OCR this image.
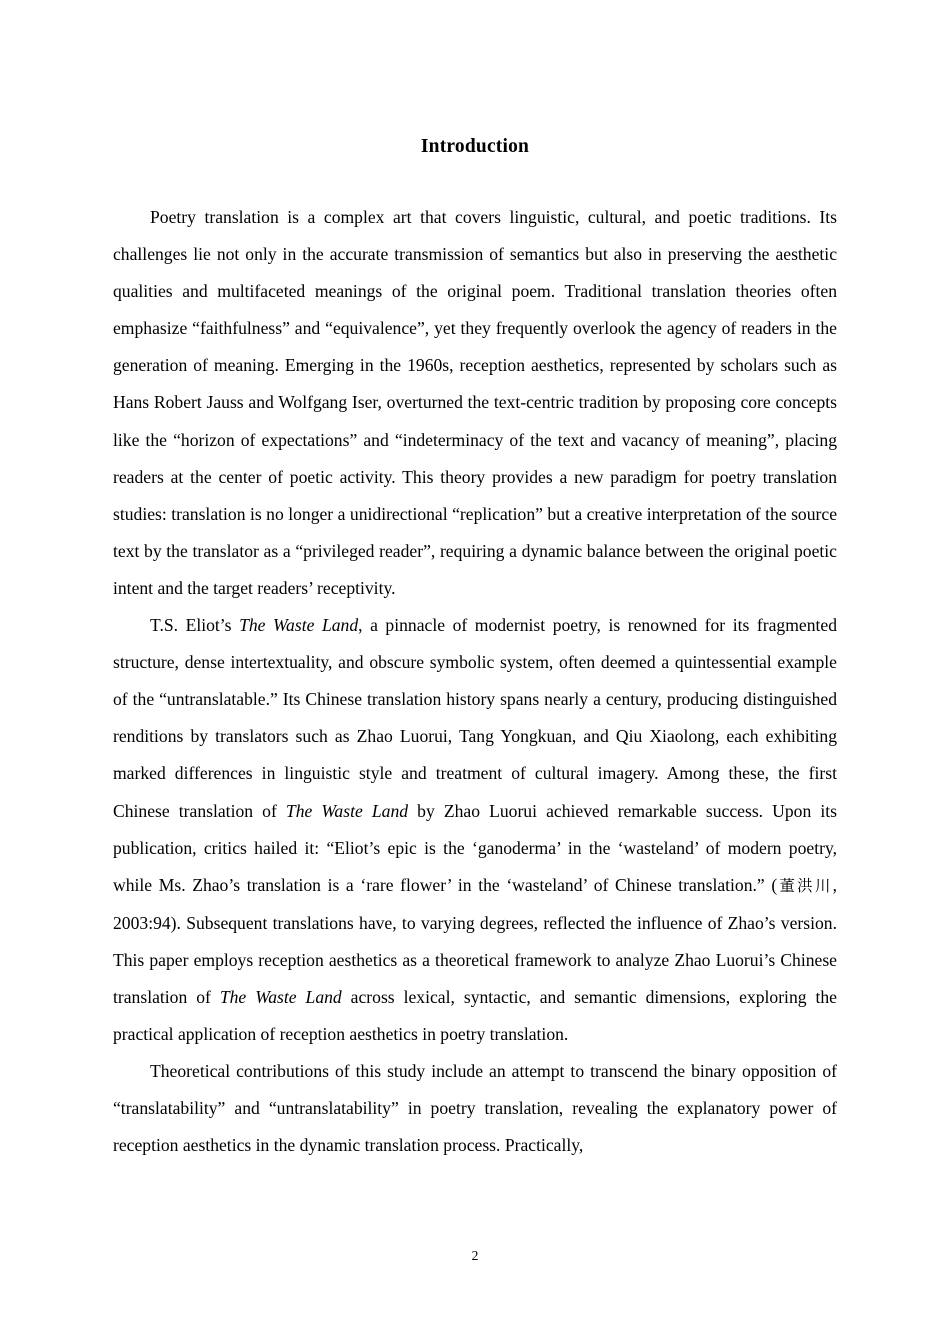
Introduction

Poetry translation is a complex art that covers linguistic, cultural, and poetic traditions. Its challenges lie not only in the accurate transmission of semantics but also in preserving the aesthetic qualities and multifaceted meanings of the original poem. Traditional translation theories often emphasize “faithfulness” and “equivalence”, yet they frequently overlook the agency of readers in the generation of meaning. Emerging in the 1960s, reception aesthetics, represented by scholars such as Hans Robert Jauss and Wolfgang Iser, overturned the text-centric tradition by proposing core concepts like the “horizon of expectations” and “indeterminacy of the text and vacancy of meaning”, placing readers at the center of poetic activity. This theory provides a new paradigm for poetry translation studies: translation is no longer a unidirectional “replication” but a creative interpretation of the source text by the translator as a “privileged reader”, requiring a dynamic balance between the original poetic intent and the target readers’ receptivity.

T.S. Eliot’s The Waste Land, a pinnacle of modernist poetry, is renowned for its fragmented structure, dense intertextuality, and obscure symbolic system, often deemed a quintessential example of the “untranslatable.” Its Chinese translation history spans nearly a century, producing distinguished renditions by translators such as Zhao Luorui, Tang Yongkuan, and Qiu Xiaolong, each exhibiting marked differences in linguistic style and treatment of cultural imagery. Among these, the first Chinese translation of The Waste Land by Zhao Luorui achieved remarkable success. Upon its publication, critics hailed it: “Eliot’s epic is the ‘ganoderma’ in the ‘wasteland’ of modern poetry, while Ms. Zhao’s translation is a ‘rare flower’ in the ‘wasteland’ of Chinese translation.” (董洪川, 2003:94). Subsequent translations have, to varying degrees, reflected the influence of Zhao’s version. This paper employs reception aesthetics as a theoretical framework to analyze Zhao Luorui’s Chinese translation of The Waste Land across lexical, syntactic, and semantic dimensions, exploring the practical application of reception aesthetics in poetry translation.

Theoretical contributions of this study include an attempt to transcend the binary opposition of “translatability” and “untranslatability” in poetry translation, revealing the explanatory power of reception aesthetics in the dynamic translation process. Practically,

2
